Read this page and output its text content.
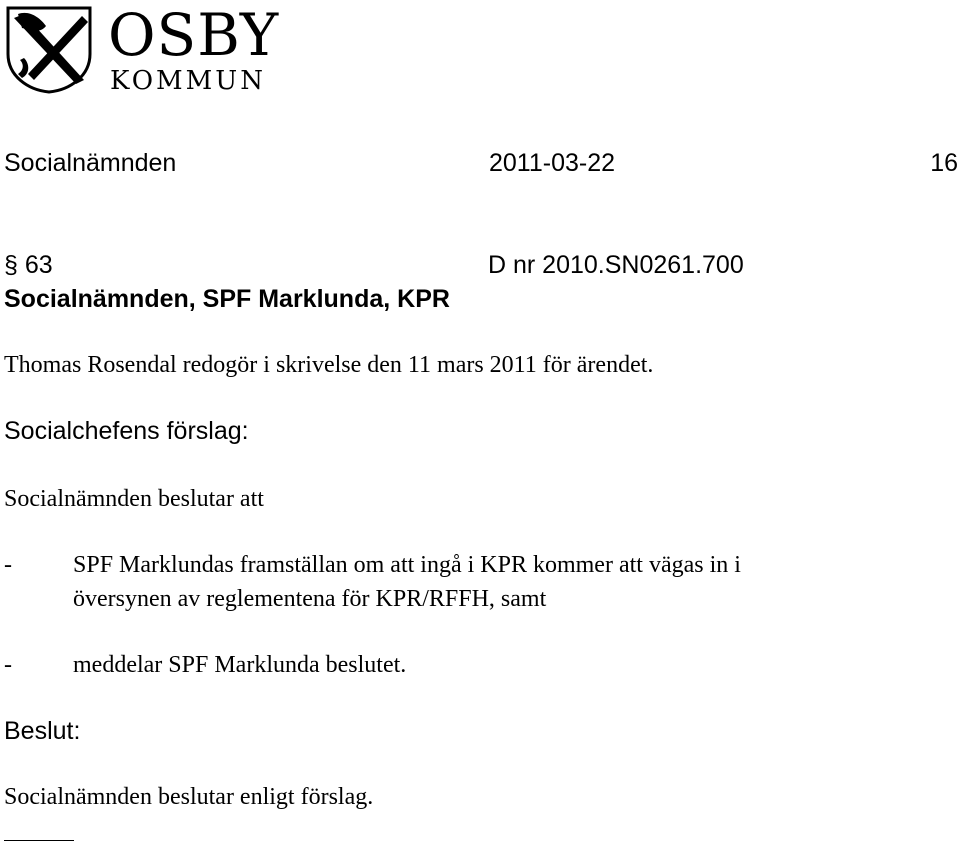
OSBY
KOMMUN
Socialnämnden	2011-03-22	16
§ 63	D nr 2010.SN0261.700
Socialnämnden, SPF Marklunda, KPR
Thomas Rosendal redogör i skrivelse den 11 mars 2011 för ärendet.
Socialchefens förslag:
Socialnämnden beslutar att
-	SPF Marklundas framställan om att ingå i KPR kommer att vägas in i
översynen av reglementena för KPR/RFFH, samt
-	meddelar SPF Marklunda beslutet.
Beslut:
Socialnämnden beslutar enligt förslag.
